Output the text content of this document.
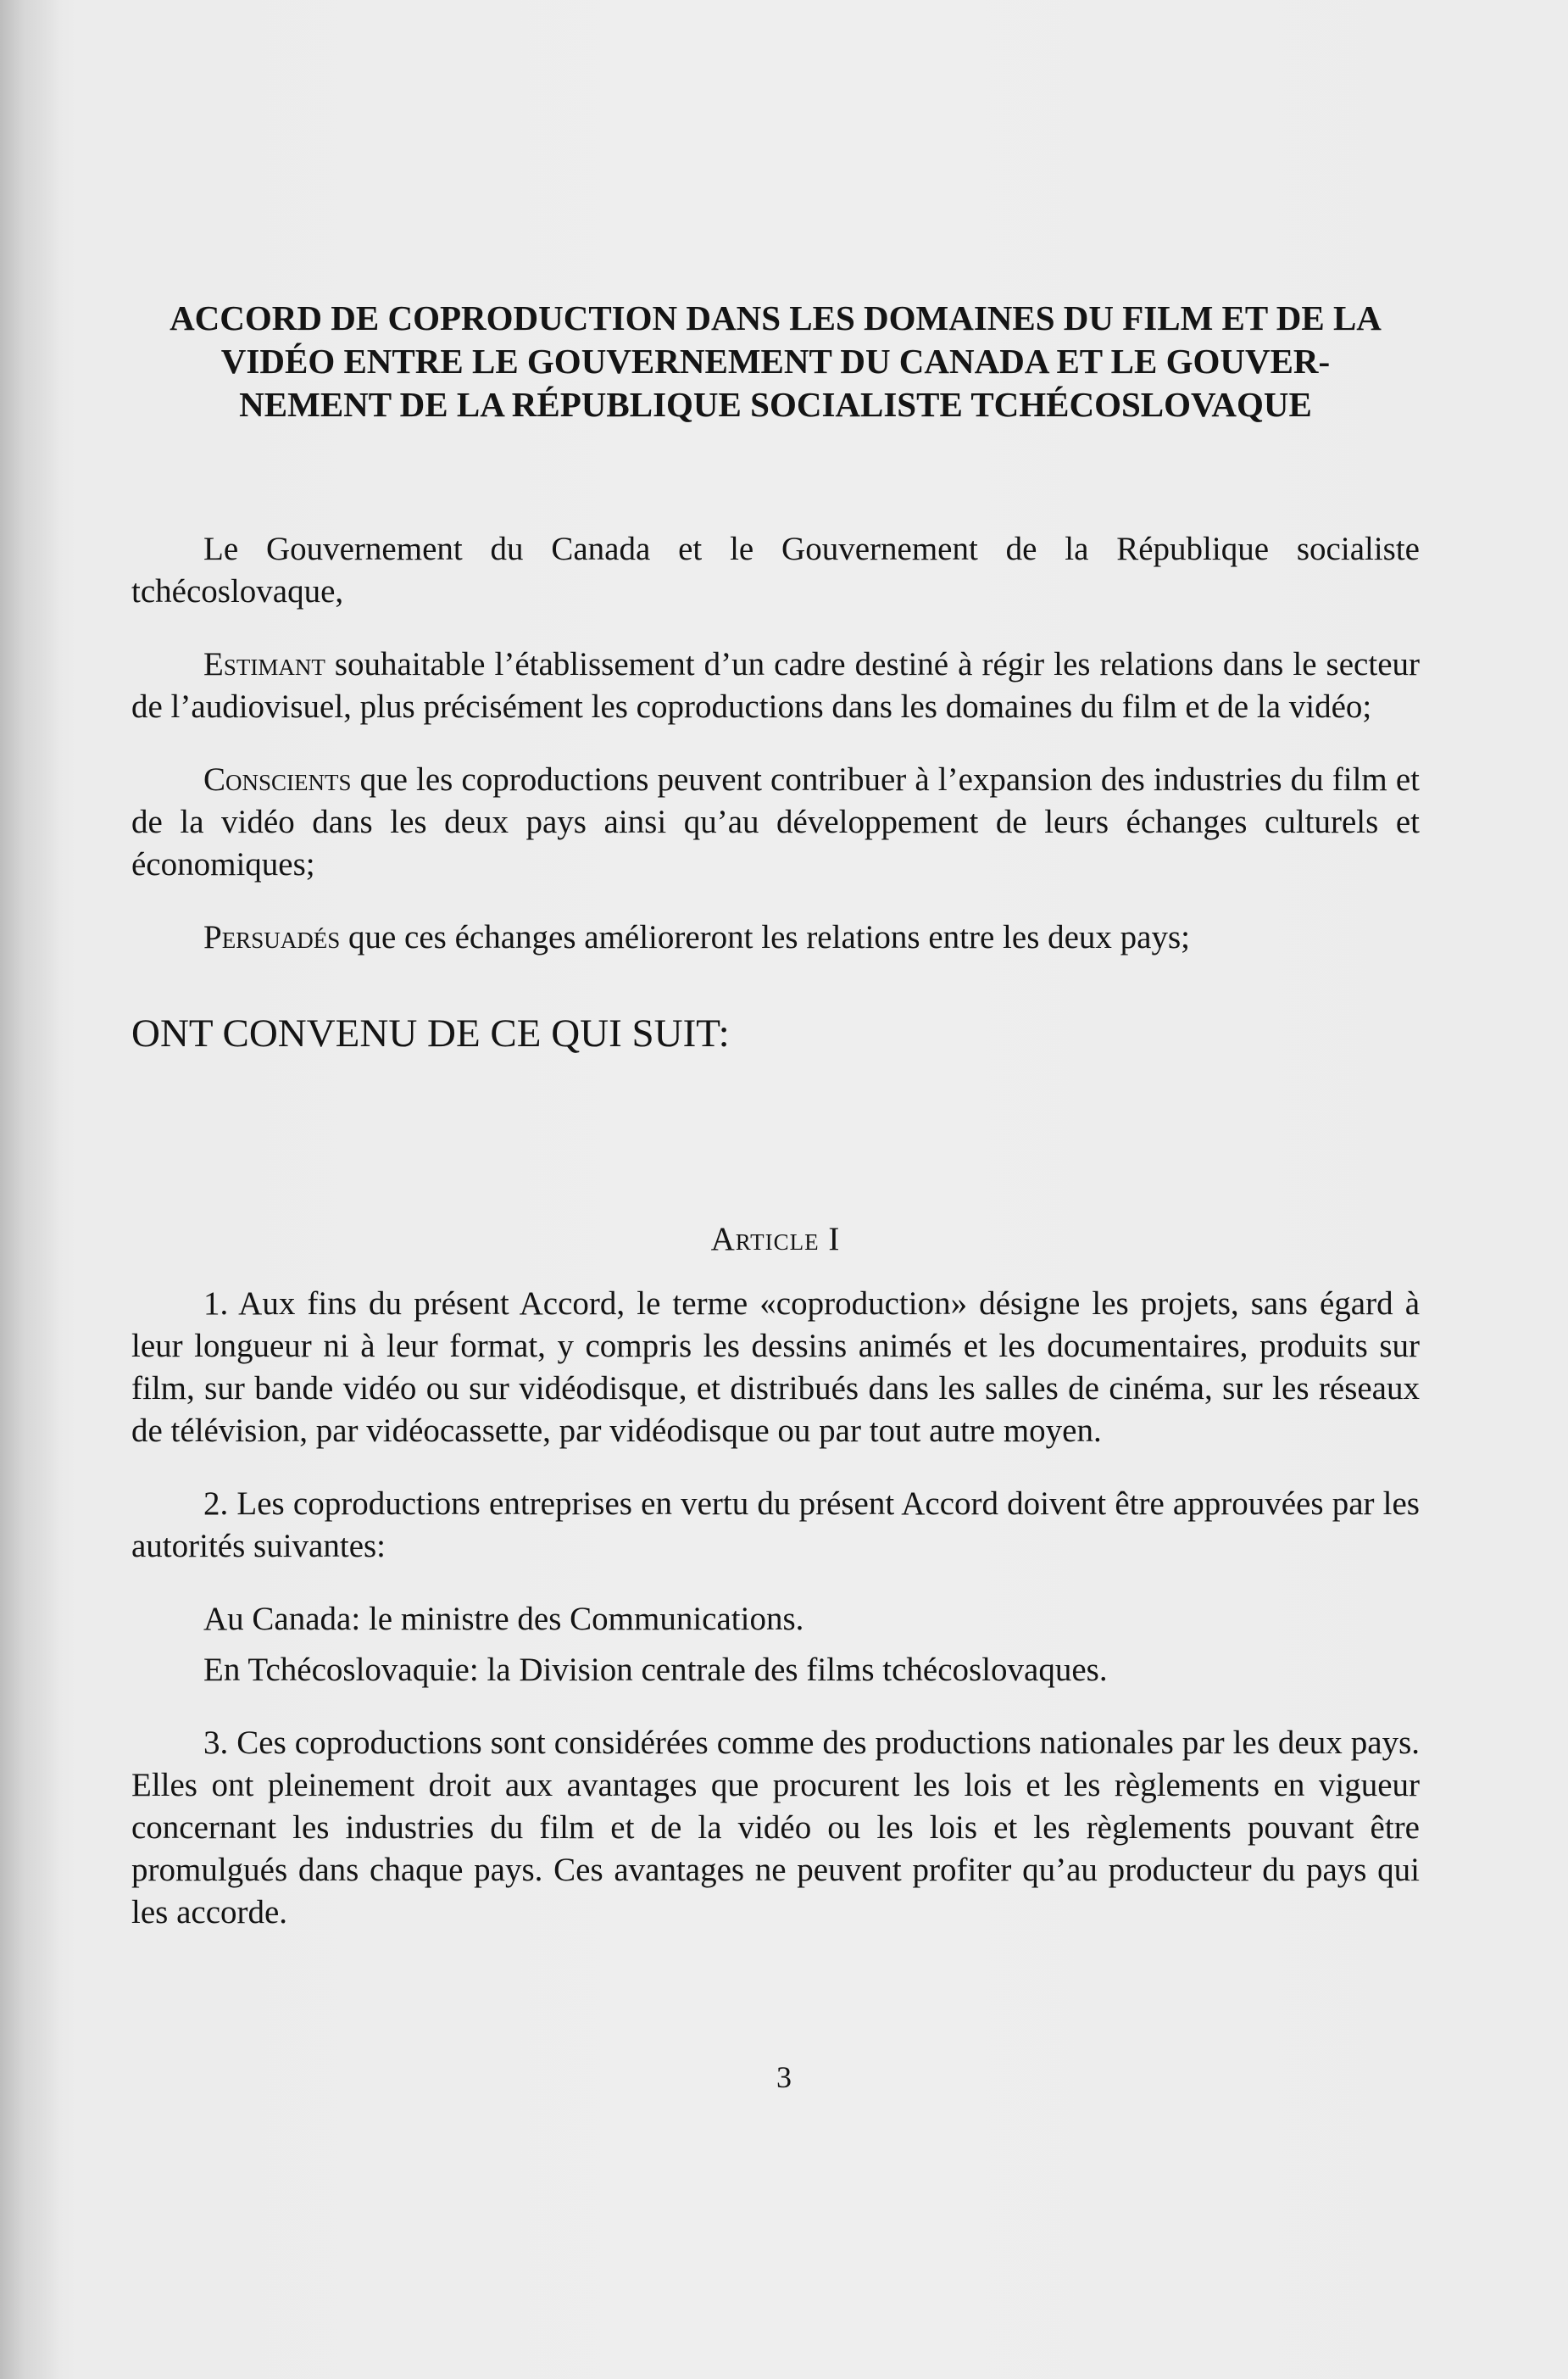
ACCORD DE COPRODUCTION DANS LES DOMAINES DU FILM ET DE LA
VIDÉO ENTRE LE GOUVERNEMENT DU CANADA ET LE GOUVER-
NEMENT DE LA RÉPUBLIQUE SOCIALISTE TCHÉCOSLOVAQUE

Le Gouvernement du Canada et le Gouvernement de la République socialiste tchécoslovaque,

Estimant souhaitable l’établissement d’un cadre destiné à régir les relations dans le secteur de l’audiovisuel, plus précisément les coproductions dans les domaines du film et de la vidéo;

Conscients que les coproductions peuvent contribuer à l’expansion des industries du film et de la vidéo dans les deux pays ainsi qu’au développement de leurs échanges culturels et économiques;

Persuadés que ces échanges amélioreront les relations entre les deux pays;

ONT CONVENU DE CE QUI SUIT:

Article I

1. Aux fins du présent Accord, le terme «coproduction» désigne les projets, sans égard à leur longueur ni à leur format, y compris les dessins animés et les documentaires, produits sur film, sur bande vidéo ou sur vidéodisque, et distribués dans les salles de cinéma, sur les réseaux de télévision, par vidéocassette, par vidéodisque ou par tout autre moyen.

2. Les coproductions entreprises en vertu du présent Accord doivent être approuvées par les autorités suivantes:

Au Canada: le ministre des Communications.

En Tchécoslovaquie: la Division centrale des films tchécoslovaques.

3. Ces coproductions sont considérées comme des productions nationales par les deux pays. Elles ont pleinement droit aux avantages que procurent les lois et les règlements en vigueur concernant les industries du film et de la vidéo ou les lois et les règlements pouvant être promulgués dans chaque pays. Ces avantages ne peuvent profiter qu’au producteur du pays qui les accorde.

3
